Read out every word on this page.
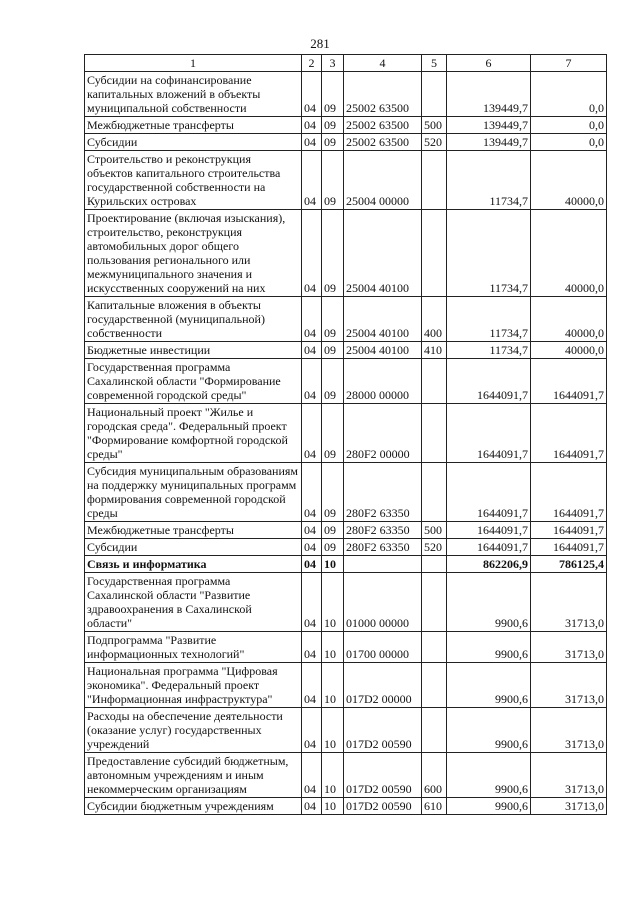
281
1	2	3	4	5	6	7
Субсидии на софинансирование капитальных вложений в объекты муниципальной собственности	04	09	25002 63500		139449,7	0,0
Межбюджетные трансферты	04	09	25002 63500	500	139449,7	0,0
Субсидии	04	09	25002 63500	520	139449,7	0,0
Строительство и реконструкция объектов капитального строительства государственной собственности на Курильских островах	04	09	25004 00000		11734,7	40000,0
Проектирование (включая изыскания), строительство, реконструкция автомобильных дорог общего пользования регионального или межмуниципального значения и искусственных сооружений на них	04	09	25004 40100		11734,7	40000,0
Капитальные вложения в объекты государственной (муниципальной) собственности	04	09	25004 40100	400	11734,7	40000,0
Бюджетные инвестиции	04	09	25004 40100	410	11734,7	40000,0
Государственная программа Сахалинской области "Формирование современной городской среды"	04	09	28000 00000		1644091,7	1644091,7
Национальный проект "Жилье и городская среда". Федеральный проект "Формирование комфортной городской среды"	04	09	280F2 00000		1644091,7	1644091,7
Субсидия муниципальным образованиям на поддержку муниципальных программ формирования современной городской среды	04	09	280F2 63350		1644091,7	1644091,7
Межбюджетные трансферты	04	09	280F2 63350	500	1644091,7	1644091,7
Субсидии	04	09	280F2 63350	520	1644091,7	1644091,7
Связь и информатика	04	10			862206,9	786125,4
Государственная программа Сахалинской области "Развитие здравоохранения в Сахалинской области"	04	10	01000 00000		9900,6	31713,0
Подпрограмма "Развитие информационных технологий"	04	10	01700 00000		9900,6	31713,0
Национальная программа "Цифровая экономика". Федеральный проект "Информационная инфраструктура"	04	10	017D2 00000		9900,6	31713,0
Расходы на обеспечение деятельности (оказание услуг) государственных учреждений	04	10	017D2 00590		9900,6	31713,0
Предоставление субсидий бюджетным, автономным учреждениям и иным некоммерческим организациям	04	10	017D2 00590	600	9900,6	31713,0
Субсидии бюджетным учреждениям	04	10	017D2 00590	610	9900,6	31713,0
